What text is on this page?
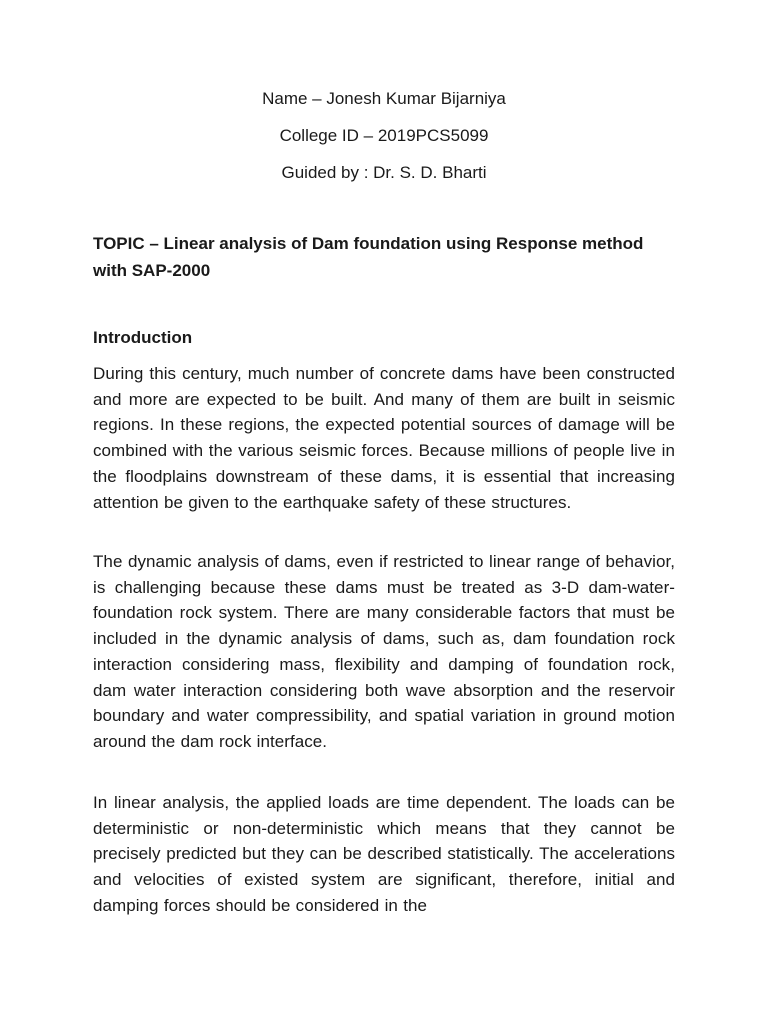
Name – Jonesh Kumar Bijarniya
College ID – 2019PCS5099
Guided by : Dr. S. D. Bharti
TOPIC – Linear analysis of Dam foundation using Response method with SAP-2000
Introduction

During this century, much number of concrete dams have been constructed and more are expected to be built. And many of them are built in seismic regions. In these regions, the expected potential sources of damage will be combined with the various seismic forces. Because millions of people live in the floodplains downstream of these dams, it is essential that increasing attention be given to the earthquake safety of these structures.

The dynamic analysis of dams, even if restricted to linear range of behavior, is challenging because these dams must be treated as 3-D dam-water-foundation rock system. There are many considerable factors that must be included in the dynamic analysis of dams, such as, dam foundation rock interaction considering mass, flexibility and damping of foundation rock, dam water interaction considering both wave absorption and the reservoir boundary and water compressibility, and spatial variation in ground motion around the dam rock interface.

In linear analysis, the applied loads are time dependent. The loads can be deterministic or non-deterministic which means that they cannot be precisely predicted but they can be described statistically. The accelerations and velocities of existed system are significant, therefore, initial and damping forces should be considered in the
